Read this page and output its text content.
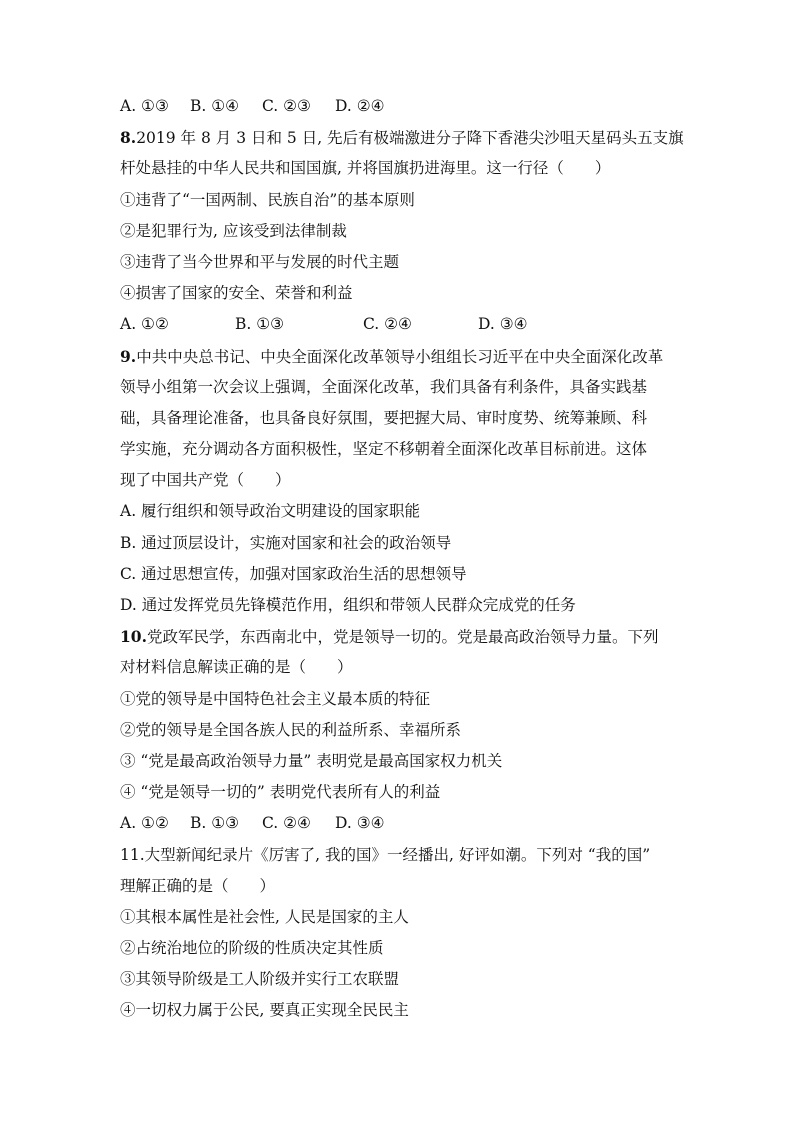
A. ①③	B. ①④	C. ②③	D. ②④
8.2019 年 8 月 3 日和 5 日, 先后有极端激进分子降下香港尖沙咀天星码头五支旗
杆处悬挂的中华人民共和国国旗, 并将国旗扔进海里。这一行径（　　）
①违背了“一国两制、民族自治”的基本原则
②是犯罪行为, 应该受到法律制裁
③违背了当今世界和平与发展的时代主题
④损害了国家的安全、荣誉和利益
A. ①②	B. ①③	C. ②④	D. ③④
9.中共中央总书记、中央全面深化改革领导小组组长习近平在中央全面深化改革
领导小组第一次会议上强调，全面深化改革，我们具备有利条件，具备实践基
础，具备理论准备，也具备良好氛围，要把握大局、审时度势、统筹兼顾、科
学实施，充分调动各方面积极性，坚定不移朝着全面深化改革目标前进。这体
现了中国共产党（　　）
A. 履行组织和领导政治文明建设的国家职能
B. 通过顶层设计，实施对国家和社会的政治领导
C. 通过思想宣传，加强对国家政治生活的思想领导
D. 通过发挥党员先锋模范作用，组织和带领人民群众完成党的任务
10.党政军民学，东西南北中，党是领导一切的。党是最高政治领导力量。下列
对材料信息解读正确的是（　　）
①党的领导是中国特色社会主义最本质的特征
②党的领导是全国各族人民的利益所系、幸福所系
③ “党是最高政治领导力量” 表明党是最高国家权力机关
④ “党是领导一切的” 表明党代表所有人的利益
A. ①②	B. ①③	C. ②④	D. ③④
11.大型新闻纪录片《厉害了, 我的国》一经播出, 好评如潮。下列对 “我的国”
理解正确的是（　　）
①其根本属性是社会性, 人民是国家的主人
②占统治地位的阶级的性质决定其性质
③其领导阶级是工人阶级并实行工农联盟
④一切权力属于公民, 要真正实现全民民主
